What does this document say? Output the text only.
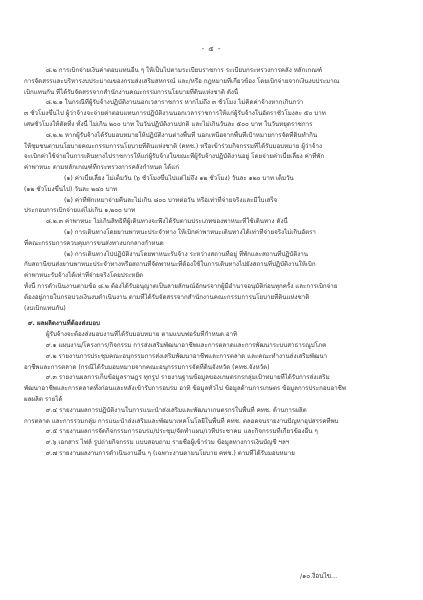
- ๕ -
๘.๒ การเบิกจ่ายเงินค่าตอบแทนอื่น ๆ ให้เป็นไปตามระเบียบราชการ ระเบียบกระทรวงการคลัง หลักเกณฑ์
การจัดสรรและบริหารงบประมาณของกรมส่งเสริมสหกรณ์ และ/หรือ กฎหมายที่เกี่ยวข้อง โดยเบิกจ่ายจากเงินงบประมาณ
เบิกแทนกัน ที่ได้รับจัดสรรจากสำนักงานคณะกรรมการนโยบายที่ดินแห่งชาติ ดังนี้
๘.๒.๑ ในกรณีที่ผู้รับจ้างปฏิบัติงานนอกเวลาราชการ หากไม่ถึง ๓ ชั่วโมง ไม่คิดค่าจ้างหากเกินกว่า
๓ ชั่วโมงขึ้นไป ผู้ว่าจ้างจะจ่ายค่าตอบแทนการปฏิบัติงานนอกเวลาราชการให้แก่ผู้รับจ้างในอัตราชั่วโมงละ ๕๐ บาท
เศษชั่วโมงให้ตัดทิ้ง ทั้งนี้ ไม่เกิน ๒๐๐ บาท ในวันปฏิบัติงานปกติ และไม่เกินวันละ ๕๐๐ บาท ในวันหยุดราชการ
๘.๒.๒ หากผู้รับจ้างได้รับมอบหมายให้ปฏิบัติงานต่างพื้นที่ นอกเหนือจากพื้นที่เป้าหมายการจัดที่ดินทำกิน
ให้ชุมชนตามนโยบายคณะกรรมการนโยบายที่ดินแห่งชาติ (คทช.) หรือเข้าร่วมกิจกรรมที่ได้รับมอบหมาย ผู้ว่าจ้าง
จะเบิกค่าใช้จ่ายในการเดินทางไปราชการให้แก่ผู้รับจ้างในขณะที่ผู้รับจ้างปฏิบัติงานอยู่ โดยจ่ายค่าเบี้ยเลี้ยง ค่าที่พัก
ค่าพาหนะ ตามหลักเกณฑ์ที่กระทรวงการคลังกำหนด ได้แก่
(๑) ค่าเบี้ยเลี้ยง ไม่เต็มวัน (๖ ชั่วโมงขึ้นไปแต่ไม่ถึง ๑๒ ชั่วโมง) วันละ ๑๒๐ บาท เต็มวัน
(๑๒ ชั่วโมงขึ้นไป) วันละ ๒๔๐ บาท
(๒) ค่าที่พักเหมาจ่ายคืนละไม่เกิน ๘๐๐ บาทต่อวัน หรือเท่าที่จ่ายจริงและมีใบเสร็จ
ประกอบการเบิกจ่ายแต่ไม่เกิน ๑,๒๐๐ บาท
๘.๒.๓ ค่าพาหนะ ไม่เกินสิทธิที่ผู้เดินทางจะพึงได้รับตามประเภทของพาหนะที่ใช้เดินทาง ดังนี้
(๑) การเดินทางโดยยานพาหนะประจำทาง ให้เบิกค่าพาหนะเดินทางได้เท่าที่จ่ายจริงไม่เกินอัตรา
ที่คณะกรรมการควบคุมการขนส่งทางบกกลางกำหนด
(๒) การเดินทางไปปฏิบัติงานโดยพาหนะรับจ้าง ระหว่างสถานที่อยู่ ที่พักและสถานที่ปฏิบัติงาน
กับสถานีขนส่งยานพาหนะประจำทางหรือสถานที่จัดพาหนะที่ต้องใช้ในการเดินทางไปยังสถานที่ปฏิบัติงานให้เบิก
ค่าพาหนะรับจ้างได้เท่าที่จ่ายจริงโดยประหยัด
ทั้งนี้ การดำเนินงานตามข้อ ๘.๒ ต้องได้รับอนุญาตเป็นลายลักษณ์อักษรจากผู้มีอำนาจอนุมัติก่อนทุกครั้ง และการเบิกจ่าย
ต้องอยู่ภายในกรอบวงเงินงบดำเนินงาน ตามที่ได้รับจัดสรรจากสำนักงานคณะกรรมการนโยบายที่ดินแห่งชาติ
(งบเบิกแทนกัน)
๙. ผลผลิตงานที่ต้องส่งมอบ
ผู้รับจ้างจะต้องส่งมอบงานที่ได้รับมอบหมาย ตามแบบฟอร์มที่กำหนด อาทิ
๙.๑ แผนงาน/โครงการ/กิจกรรม การส่งเสริมพัฒนาอาชีพและการตลาดและการพัฒนาระบบสาธารณูปโภค
๙.๒ รายงานการประชุมคณะอนุกรรมการส่งเสริมพัฒนาอาชีพและการตลาด และคณะทำงานส่งเสริมพัฒนา
อาชีพและการตลาด (กรณีได้รับมอบหมายจากคณะอนุกรรมการจัดที่ดินจังหวัด (คทช.จังหวัด)
๙.๓ รายงานผลการเก็บข้อมูลราษฎร ทุกรูป รายงานฐานข้อมูลของเกษตรกรกลุ่มเป้าหมายที่ได้รับการส่งเสริม
พัฒนาอาชีพและการตลาดทั้งก่อนและหลังเข้ารับการอบรม อาทิ ข้อมูลทั่วไป ข้อมูลด้านการเกษตร ข้อมูลการประกอบอาชีพ
ผลผลิต รายได้
๙.๔ รายงานผลการปฏิบัติงานในการแนะนำส่งเสริมและพัฒนาเกษตรกรในพื้นที่ คทช. ด้านการผลิต
การตลาด และการรวมกลุ่ม การแนะนำส่งเสริมและพัฒนาเทคโนโลยีในพื้นที่ คทช. ตลอดจนรายงานปัญหาอุปสรรคที่พบ
๙.๕ รายงานผลการจัดกิจกรรมการอบรม/ประชุม/จัดทำแผน/เวทีประชาคม และกิจกรรมที่เกี่ยวข้องอื่น ๆ
๙.๖ เอกสาร ไฟล์ รูปถ่ายกิจกรรม แบบสอบถาม รายชื่อผู้เข้าร่วม ข้อมูลทางการเงินบัญชี ฯลฯ
๙.๗ รายงานผลงานการดำเนินงานอื่น ๆ (เฉพาะงานตามนโยบาย คทช.) ตามที่ได้รับมอบหมาย
/๑๐.งื่อนไข...
